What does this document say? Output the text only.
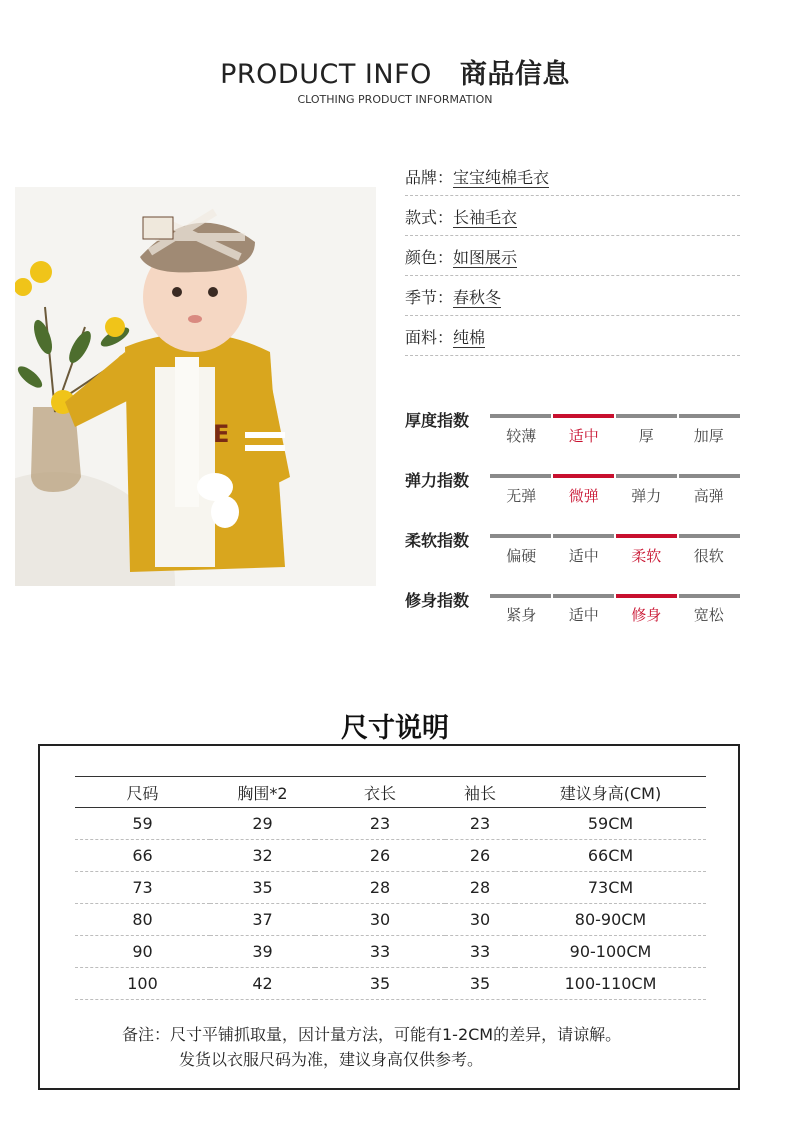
PRODUCT INFO 商品信息
CLOTHING PRODUCT INFORMATION
E
品牌：宝宝纯棉毛衣
款式：长袖毛衣
颜色：如图展示
季节：春秋冬
面料：纯棉
厚度指数
较薄	适中	厚	加厚
弹力指数
无弹	微弹	弹力	高弹
柔软指数
偏硬	适中	柔软	很软
修身指数
紧身	适中	修身	宽松
尺寸说明
尺码	胸围*2	衣长	袖长	建议身高(CM)
59	29	23	23	59CM
66	32	26	26	66CM
73	35	28	28	73CM
80	37	30	30	80-90CM
90	39	33	33	90-100CM
100	42	35	35	100-110CM
备注：尺寸平铺抓取量，因计量方法，可能有1-2CM的差异，请谅解。
发货以衣服尺码为准，建议身高仅供参考。
